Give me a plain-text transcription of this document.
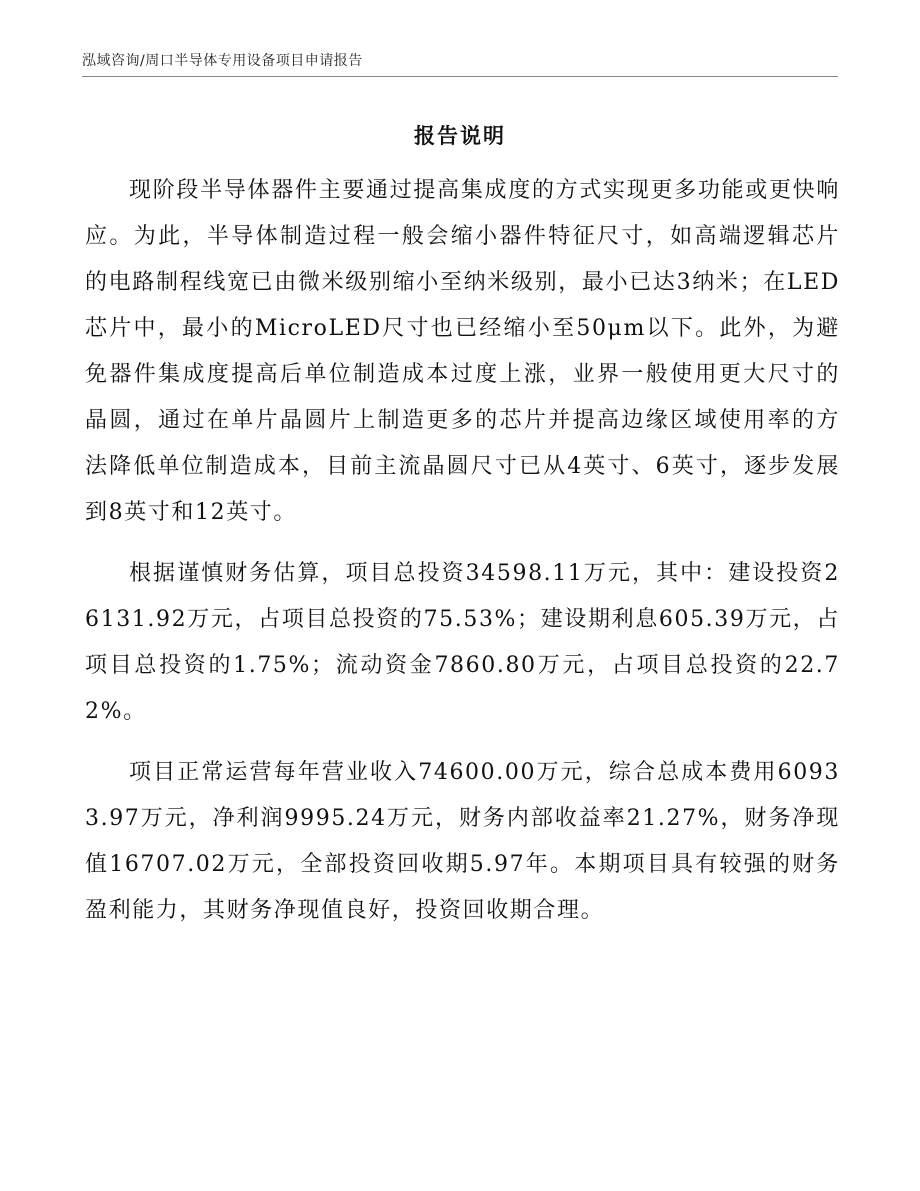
泓域咨询/周口半导体专用设备项目申请报告
报告说明

现阶段半导体器件主要通过提高集成度的方式实现更多功能或更快响应。为此，半导体制造过程一般会缩小器件特征尺寸，如高端逻辑芯片的电路制程线宽已由微米级别缩小至纳米级别，最小已达3纳米；在LED芯片中，最小的MicroLED尺寸也已经缩小至50μm以下。此外，为避免器件集成度提高后单位制造成本过度上涨，业界一般使用更大尺寸的晶圆，通过在单片晶圆片上制造更多的芯片并提高边缘区域使用率的方法降低单位制造成本，目前主流晶圆尺寸已从4英寸、6英寸，逐步发展到8英寸和12英寸。

根据谨慎财务估算，项目总投资34598.11万元，其中：建设投资26131.92万元，占项目总投资的75.53%；建设期利息605.39万元，占项目总投资的1.75%；流动资金7860.80万元，占项目总投资的22.72%。

项目正常运营每年营业收入74600.00万元，综合总成本费用60933.97万元，净利润9995.24万元，财务内部收益率21.27%，财务净现值16707.02万元，全部投资回收期5.97年。本期项目具有较强的财务盈利能力，其财务净现值良好，投资回收期合理。
